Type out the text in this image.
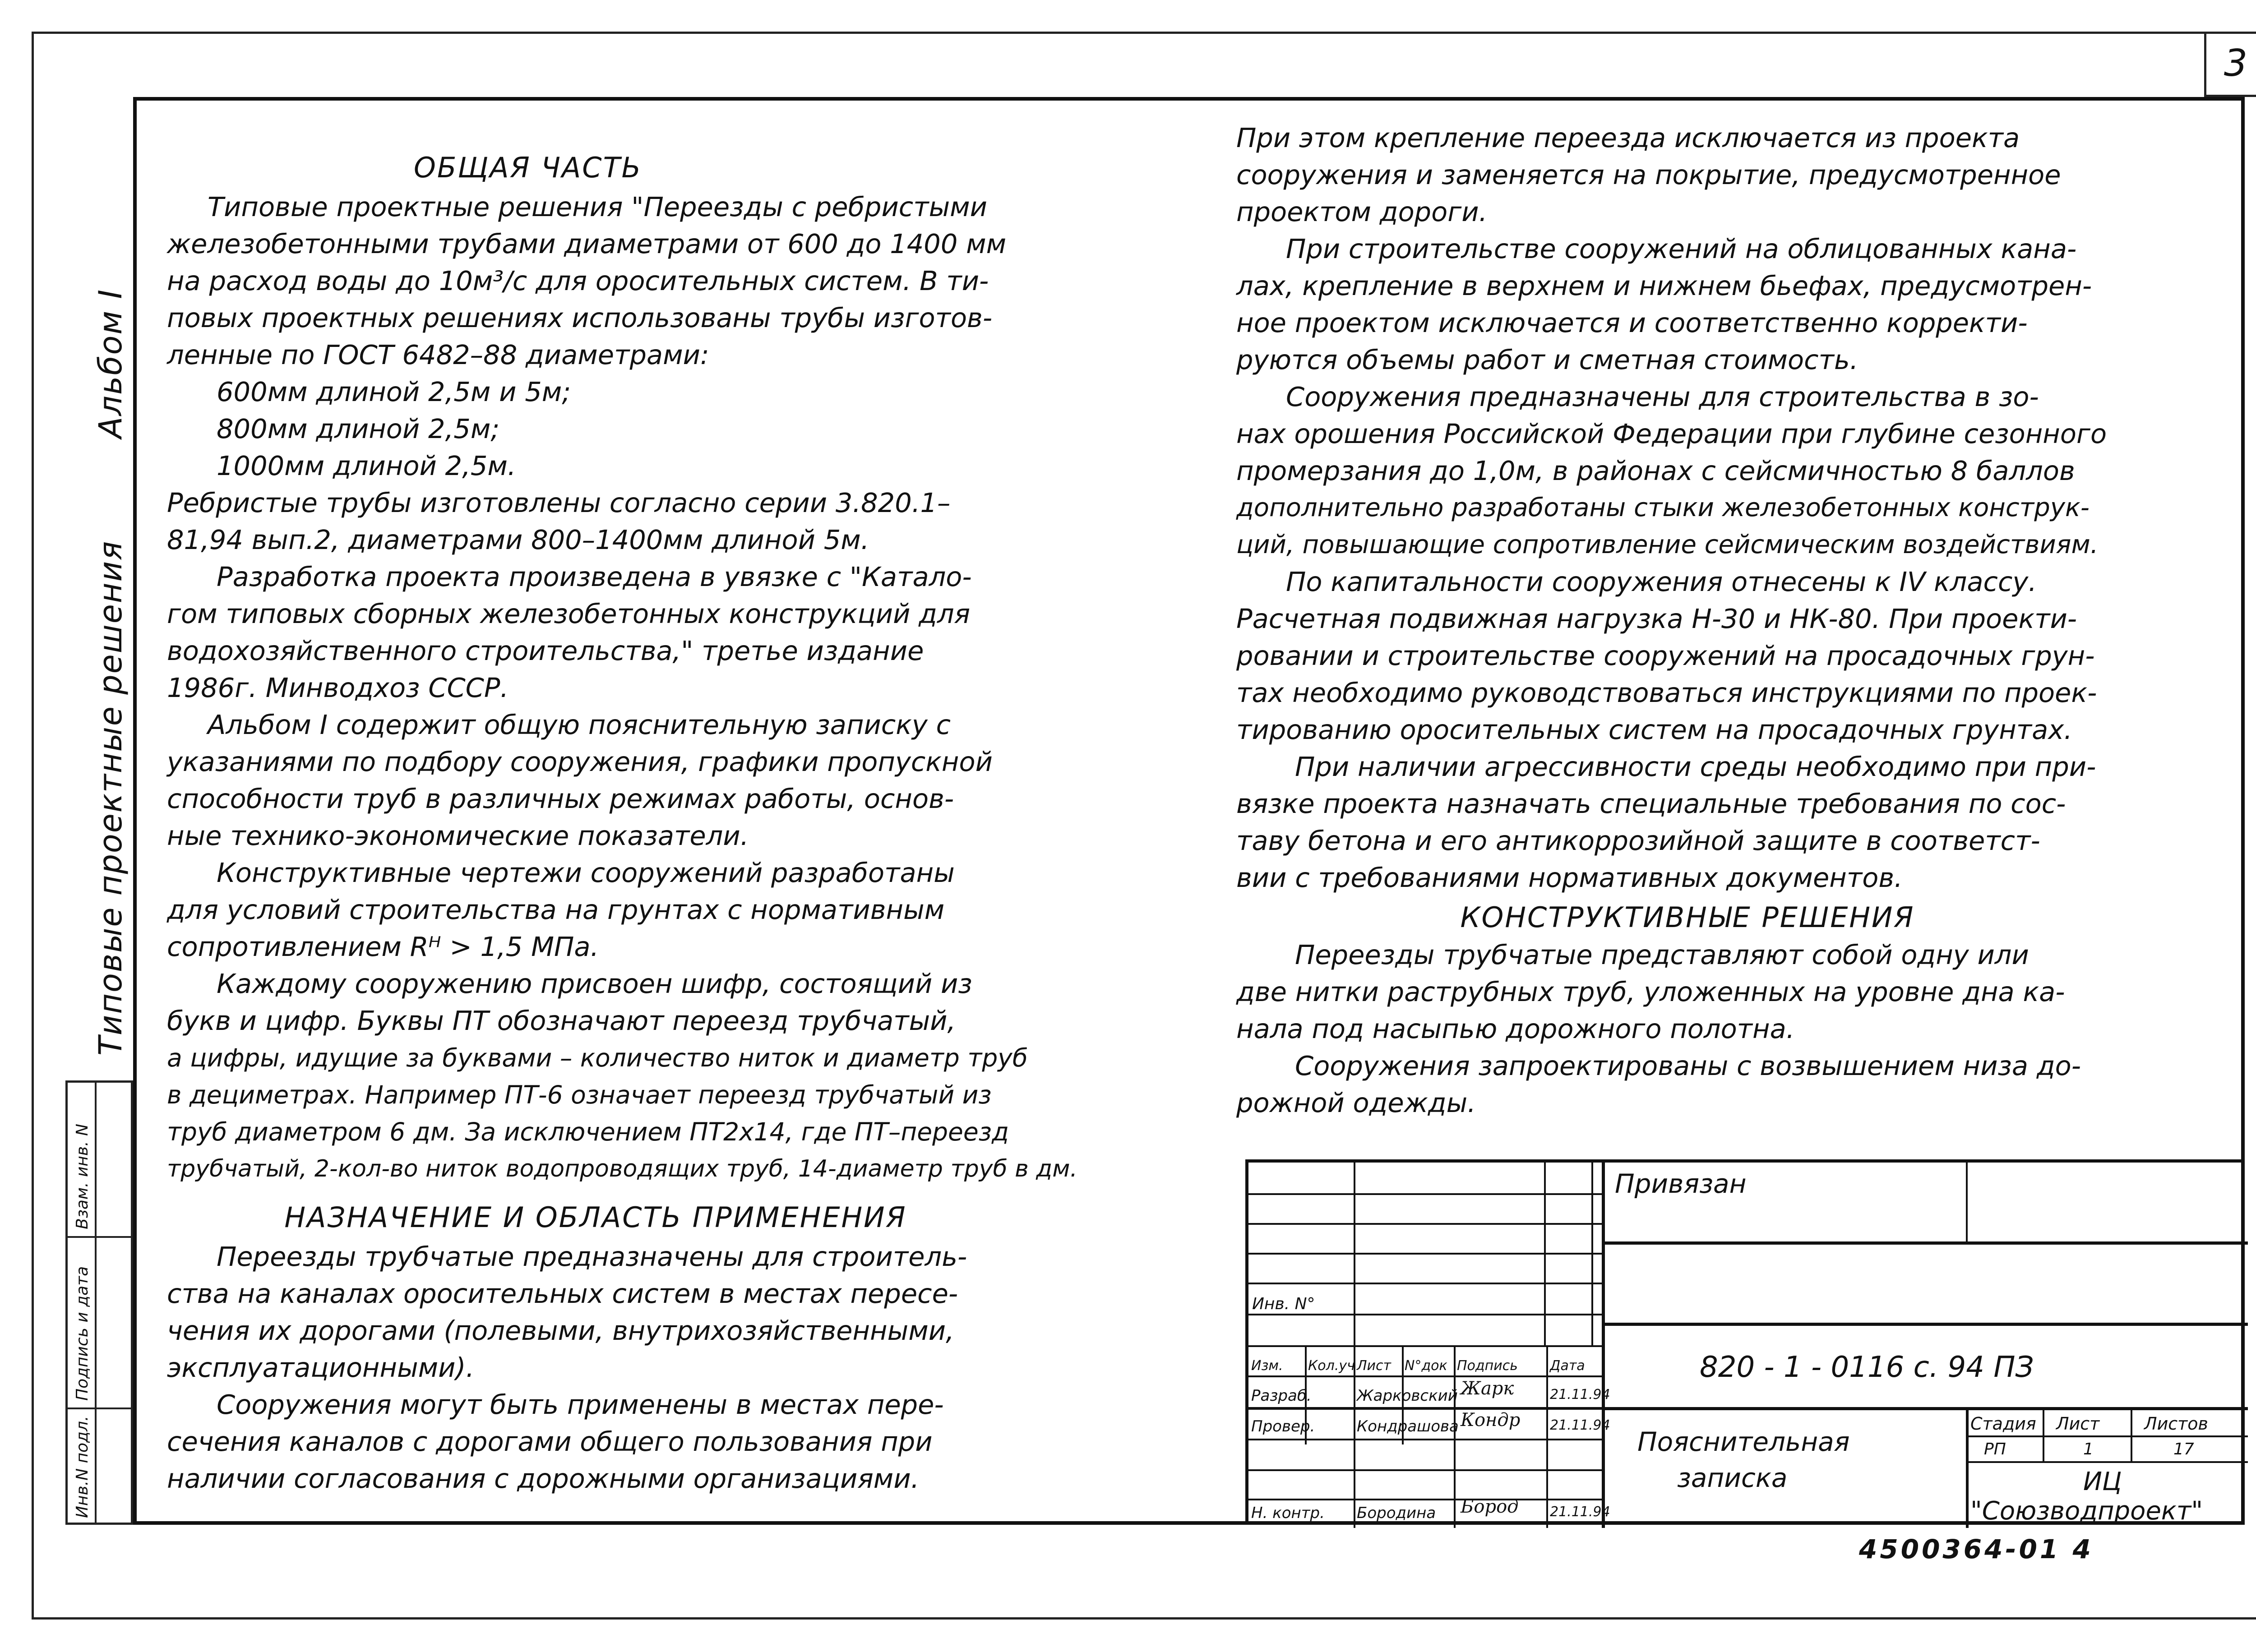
3
Типовые проектные решения
Альбом I
Инв.N подл.
Подпись и дата
Взам. инв. N
ОБЩАЯ ЧАСТЬ
Типовые проектные решения "Переезды с ребристыми
железобетонными трубами диаметрами от 600 до 1400 мм
на расход воды до 10м³/с для оросительных систем. В ти-
повых проектных решениях использованы трубы изготов-
ленные по ГОСТ 6482–88 диаметрами:
600мм длиной 2,5м и 5м;
800мм длиной 2,5м;
1000мм длиной 2,5м.
Ребристые трубы изготовлены согласно серии 3.820.1–
81,94 вып.2, диаметрами 800–1400мм длиной 5м.
Разработка проекта произведена в увязке с "Катало-
гом типовых сборных железобетонных конструкций для
водохозяйственного строительства," третье издание
1986г. Минводхоз СССР.
Альбом I содержит общую пояснительную записку с
указаниями по подбору сооружения, графики пропускной
способности труб в различных режимах работы, основ-
ные технико-экономические показатели.
Конструктивные чертежи сооружений разработаны
для условий строительства на грунтах с нормативным
сопротивлением Rᴴ > 1,5 МПа.
Каждому сооружению присвоен шифр, состоящий из
букв и цифр. Буквы ПТ обозначают переезд трубчатый,
а цифры, идущие за буквами – количество ниток и диаметр труб
в дециметрах. Например ПТ-6 означает переезд трубчатый из
труб диаметром 6 дм. За исключением ПТ2х14, где ПТ–переезд
трубчатый, 2-кол-во ниток водопроводящих труб, 14-диаметр труб в дм.
НАЗНАЧЕНИЕ И ОБЛАСТЬ ПРИМЕНЕНИЯ
Переезды трубчатые предназначены для строитель-
ства на каналах оросительных систем в местах пересе-
чения их дорогами (полевыми, внутрихозяйственными,
эксплуатационными).
Сооружения могут быть применены в местах пере-
сечения каналов с дорогами общего пользования при
наличии согласования с дорожными организациями.
При этом крепление переезда исключается из проекта
сооружения и заменяется на покрытие, предусмотренное
проектом дороги.
При строительстве сооружений на облицованных кана-
лах, крепление в верхнем и нижнем бьефах, предусмотрен-
ное проектом исключается и соответственно корректи-
руются объемы работ и сметная стоимость.
Сооружения предназначены для строительства в зо-
нах орошения Российской Федерации при глубине сезонного
промерзания до 1,0м, в районах с сейсмичностью 8 баллов
дополнительно разработаны стыки железобетонных конструк-
ций, повышающие сопротивление сейсмическим воздействиям.
По капитальности сооружения отнесены к IV классу.
Расчетная подвижная нагрузка Н-30 и НК-80. При проекти-
ровании и строительстве сооружений на просадочных грун-
тах необходимо руководствоваться инструкциями по проек-
тированию оросительных систем на просадочных грунтах.
При наличии агрессивности среды необходимо при при-
вязке проекта назначать специальные требования по сос-
таву бетона и его антикоррозийной защите в соответст-
вии с требованиями нормативных документов.
КОНСТРУКТИВНЫЕ РЕШЕНИЯ
Переезды трубчатые представляют собой одну или
две нитки раструбных труб, уложенных на уровне дна ка-
нала под насыпью дорожного полотна.
Сооружения запроектированы с возвышением низа до-
рожной одежды.
Привязан
Инв. N°
820 - 1 - 0116 с. 94 ПЗ
Изм. Кол.уч Лист N°док Подпись Дата
Разраб.	Жарковский Жарк	21.11.94
Провер.	Кондрашова Кондр 21.11.94
Н. контр. Бородина Бород 21.11.94
Пояснительная
записка
Стадия Лист	Листов
РП	1	17
ИЦ
"Союзводпроект"
4500364-01 4
